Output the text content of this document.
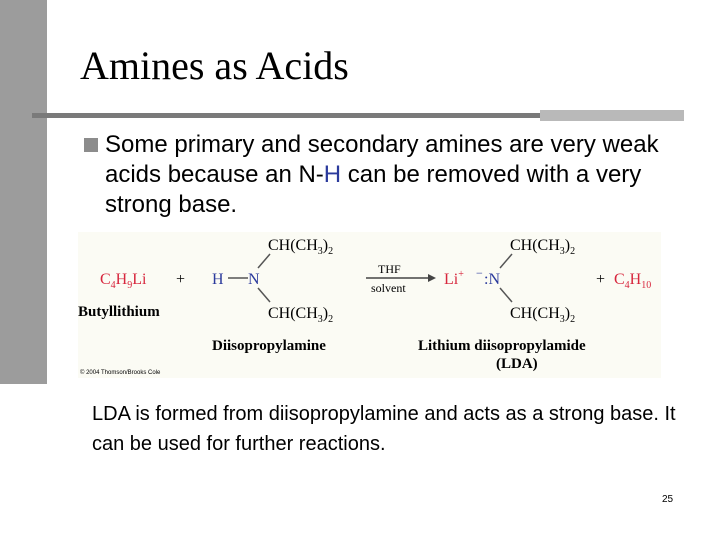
Amines as Acids
Some primary and secondary amines are very weak acids because an N-H can be removed with a very strong base.
$C_4H_9Li$
Butyllithium
+ H N
$CH(CH_3)_2$
$CH(CH_3)_2$
Diisopropylamine
THF
solvent Li+ − :N
$CH(CH_3)_2$
$CH(CH_3)_2$
Lithium diisopropylamide
(LDA)
+ $C_4H_{10}$
© 2004 Thomson/Brooks Cole
LDA is formed from diisopropylamine and acts as a strong base. It can be used for further reactions.
25
